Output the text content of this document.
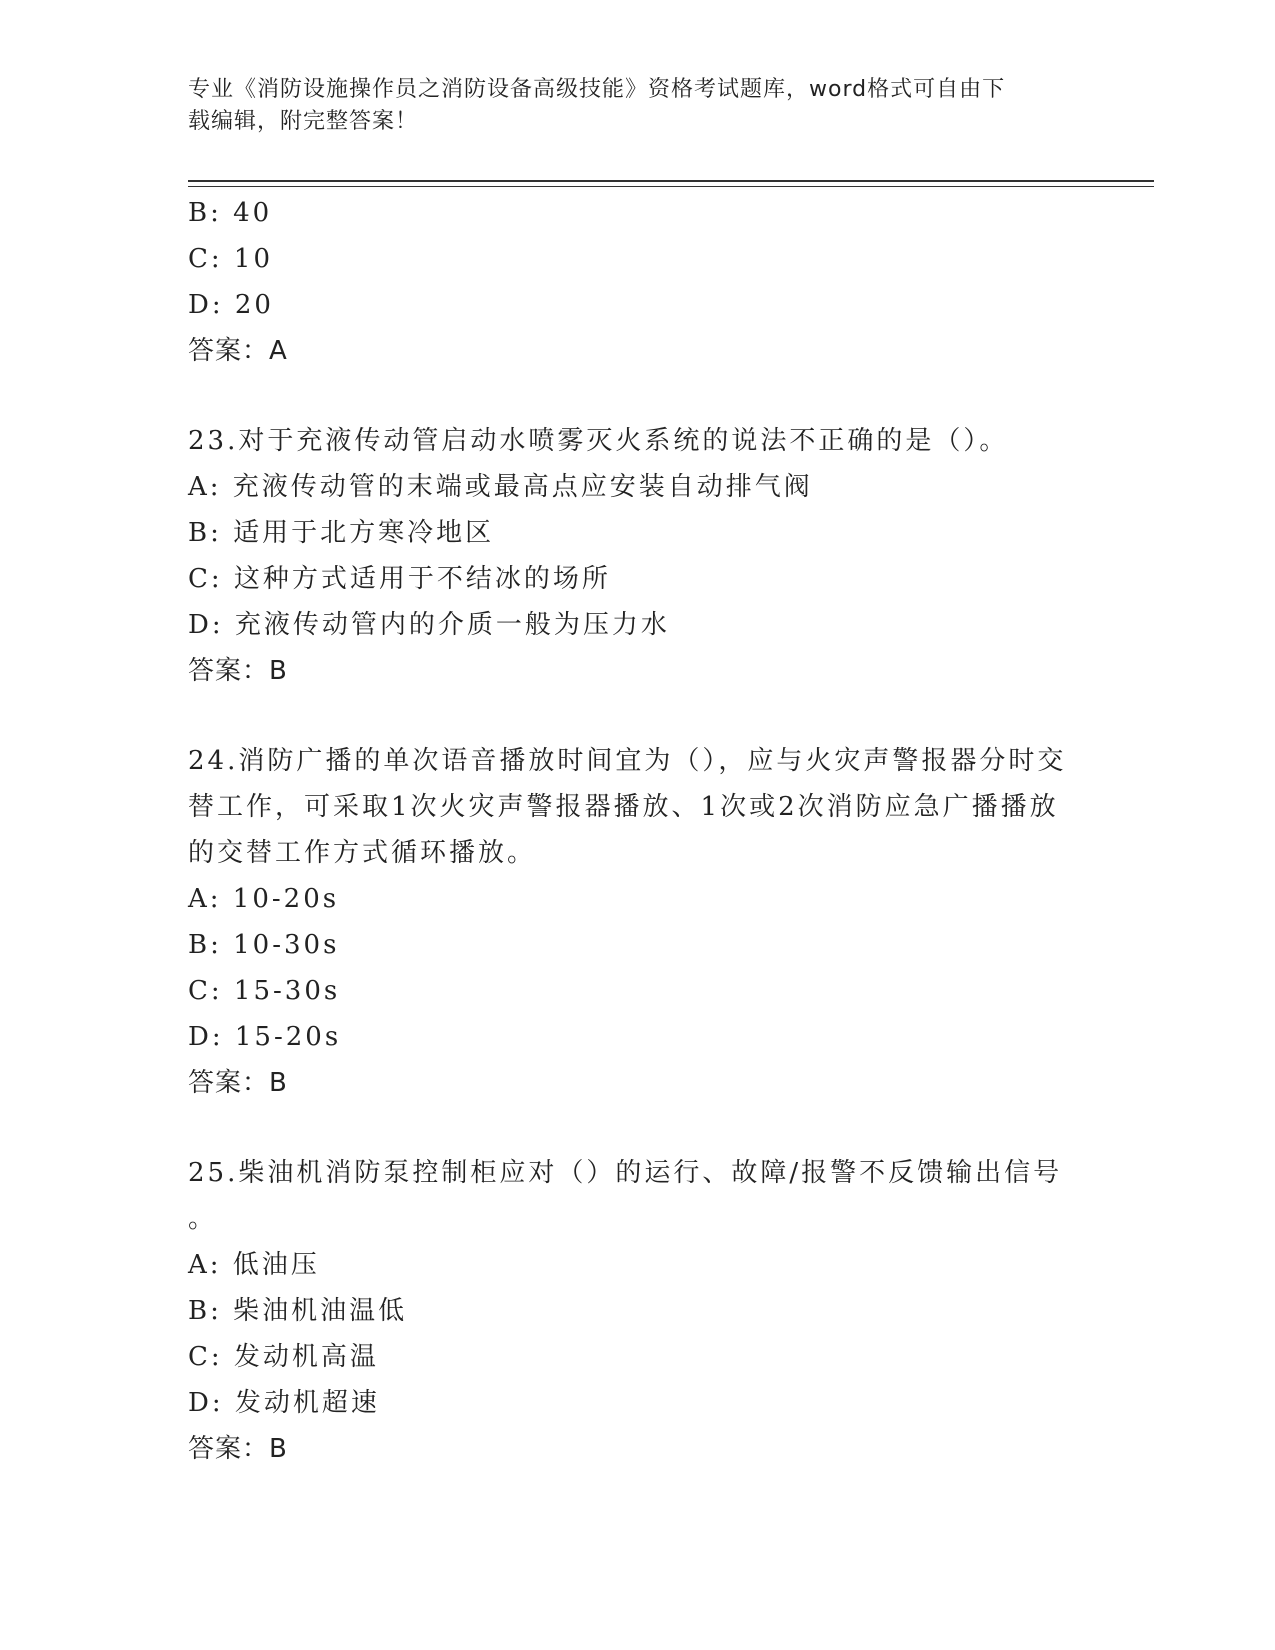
专业《消防设施操作员之消防设备高级技能》资格考试题库，word格式可自由下
载编辑，附完整答案！
B: 40
C: 10
D: 20
答案：A
23.对于充液传动管启动水喷雾灭火系统的说法不正确的是（）。
A: 充液传动管的末端或最高点应安装自动排气阀
B: 适用于北方寒冷地区
C: 这种方式适用于不结冰的场所
D: 充液传动管内的介质一般为压力水
答案：B
24.消防广播的单次语音播放时间宜为（），应与火灾声警报器分时交
替工作，可采取1次火灾声警报器播放、1次或2次消防应急广播播放
的交替工作方式循环播放。
A: 10-20s
B: 10-30s
C: 15-30s
D: 15-20s
答案：B
25.柴油机消防泵控制柜应对（）的运行、故障/报警不反馈输出信号
。
A: 低油压
B: 柴油机油温低
C: 发动机高温
D: 发动机超速
答案：B
